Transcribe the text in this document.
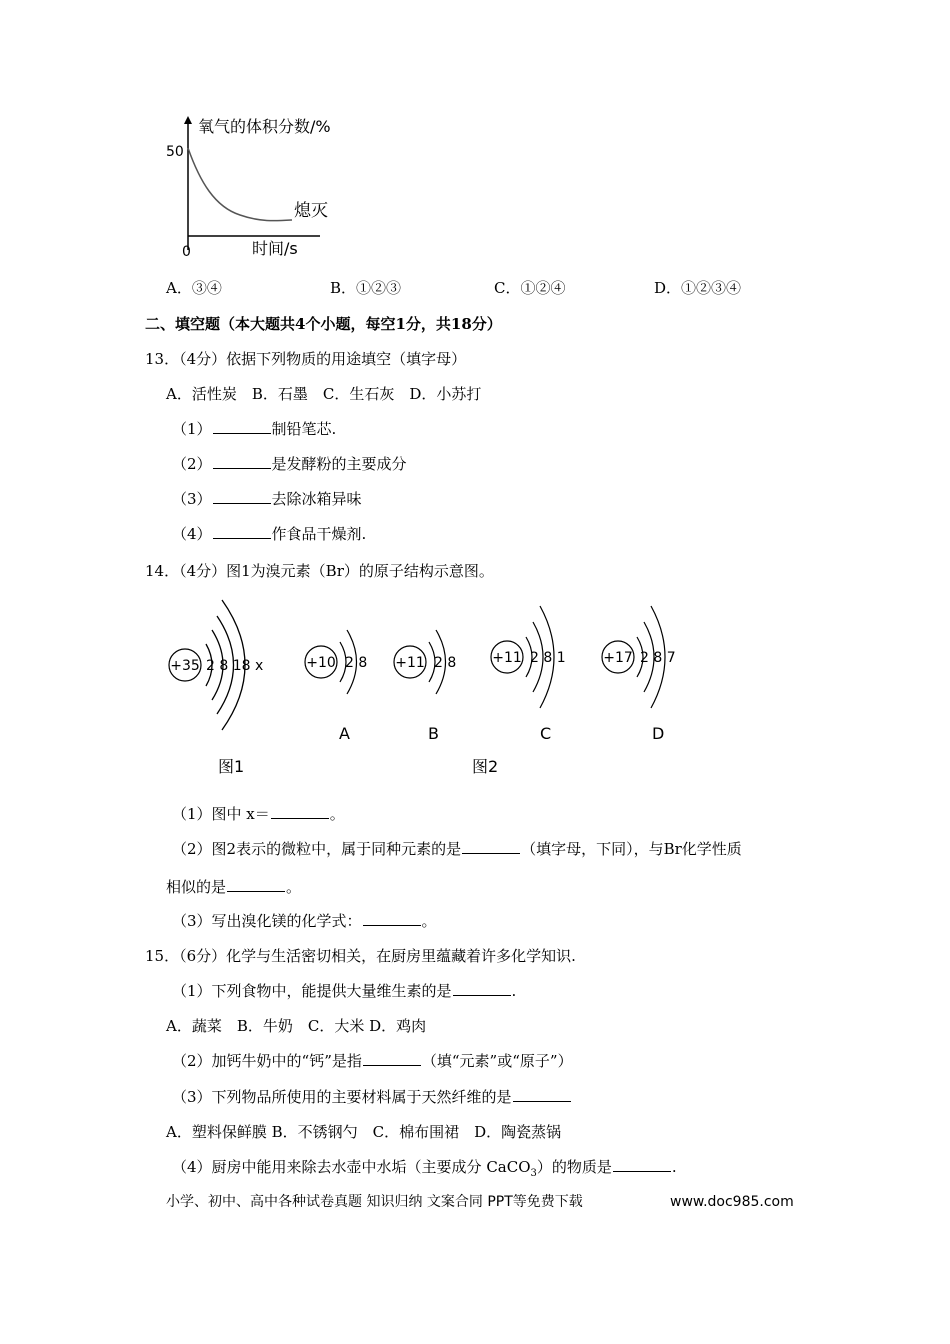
氧气的体积分数/%
50
0	时间/s
熄灭
A．③④	B．①②③	C．①②④	D．①②③④
二、填空题（本大题共4个小题，每空1分，共18分）
13．（4分）依据下列物质的用途填空（填字母）
A．活性炭　B．石墨　C．生石灰　D．小苏打
（1）	制铅笔芯.
（2）	是发酵粉的主要成分
（3）	去除冰箱异味
（4）	作食品干燥剂.
14．（4分）图1为溴元素（Br）的原子结构示意图。
+35 2 8 18 x
图1
+10 2 8
A
+11 2 8
B
+11 2 8 1
C
+17 2 8 7
D
图2
（1）图中 x＝	。
（2）图2表示的微粒中，属于同种元素的是	（填字母，下同），与Br化学性质
相似的是	。
（3）写出溴化镁的化学式：	。
15．（6分）化学与生活密切相关，在厨房里蕴藏着许多化学知识.
（1）下列食物中，能提供大量维生素的是	.
A．蔬菜　B．牛奶　C．大米 D．鸡肉
（2）加钙牛奶中的“钙”是指	（填“元素”或“原子”）
（3）下列物品所使用的主要材料属于天然纤维的是
A．塑料保鲜膜 B．不锈钢勺　C．棉布围裙　D．陶瓷蒸锅
（4）厨房中能用来除去水壶中水垢（主要成分 CaCO$_3$）的物质是	.
小学、初中、高中各种试卷真题 知识归纳 文案合同 PPT等免费下载	www.doc985.com
